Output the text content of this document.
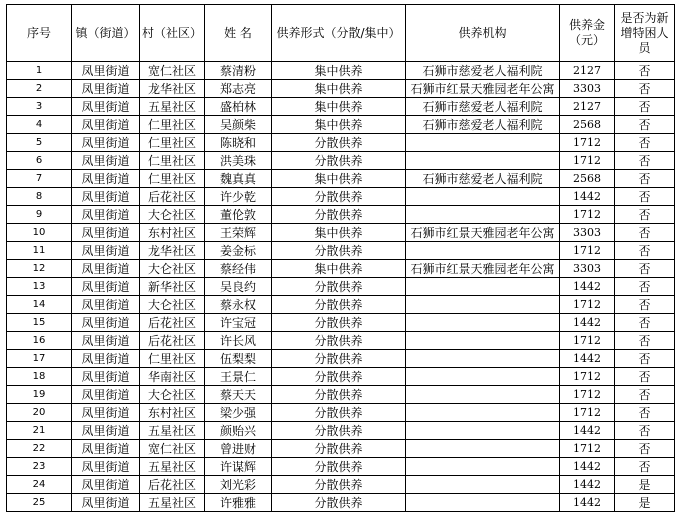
序号	镇（街道）	村（社区）	姓 名	供养形式（分散/集中）	供养机构	供养金（元）	是否为新增特困人员
1	凤里街道	宽仁社区	蔡清粉	集中供养	石狮市慈爱老人福利院	2127	否
2	凤里街道	龙华社区	郑志亮	集中供养	石狮市红景天雅园老年公寓	3303	否
3	凤里街道	五星社区	盛柏林	集中供养	石狮市慈爱老人福利院	2127	否
4	凤里街道	仁里社区	吴颜柴	集中供养	石狮市慈爱老人福利院	2568	否
5	凤里街道	仁里社区	陈晓和	分散供养		1712	否
6	凤里街道	仁里社区	洪美珠	分散供养		1712	否
7	凤里街道	仁里社区	魏真真	集中供养	石狮市慈爱老人福利院	2568	否
8	凤里街道	后花社区	许少乾	分散供养		1442	否
9	凤里街道	大仑社区	董伦敦	分散供养		1712	否
10	凤里街道	东村社区	王荣辉	集中供养	石狮市红景天雅园老年公寓	3303	否
11	凤里街道	龙华社区	姜金标	分散供养		1712	否
12	凤里街道	大仑社区	蔡经伟	集中供养	石狮市红景天雅园老年公寓	3303	否
13	凤里街道	新华社区	吴良约	分散供养		1442	否
14	凤里街道	大仑社区	蔡永权	分散供养		1712	否
15	凤里街道	后花社区	许宝冠	分散供养		1442	否
16	凤里街道	后花社区	许长风	分散供养		1712	否
17	凤里街道	仁里社区	伍梨梨	分散供养		1442	否
18	凤里街道	华南社区	王景仁	分散供养		1712	否
19	凤里街道	大仑社区	蔡天天	分散供养		1712	否
20	凤里街道	东村社区	梁少强	分散供养		1712	否
21	凤里街道	五星社区	颜贻兴	分散供养		1442	否
22	凤里街道	宽仁社区	曾进财	分散供养		1712	否
23	凤里街道	五星社区	许谋辉	分散供养		1442	否
24	凤里街道	后花社区	刘光彩	分散供养		1442	是
25	凤里街道	五星社区	许雅雅	分散供养		1442	是
